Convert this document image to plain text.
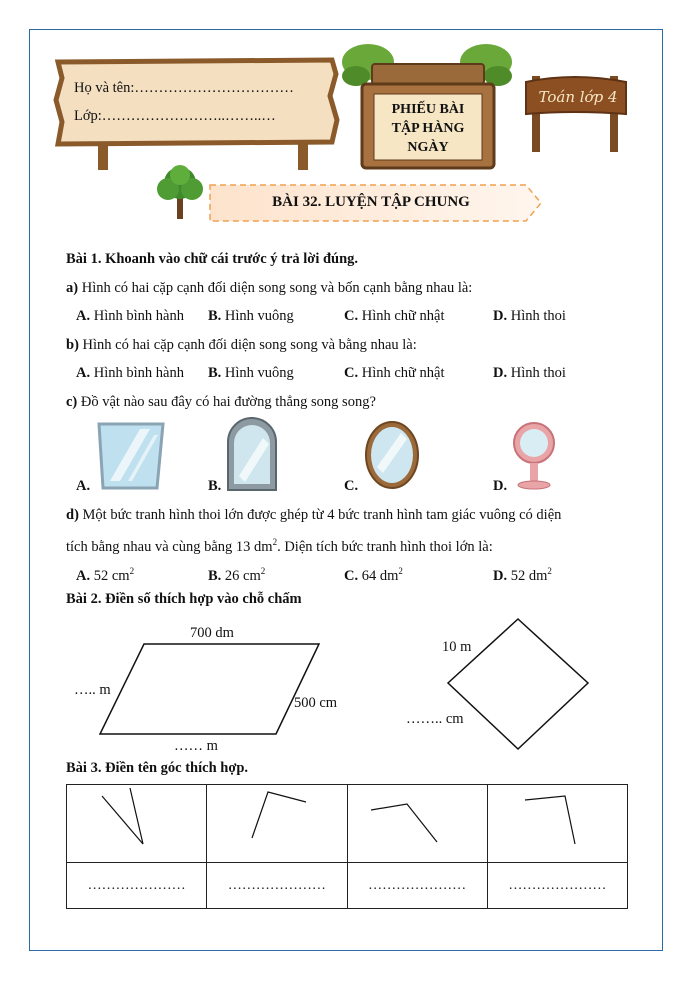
Họ và tên:……………………………
Lớp:……………………..……..…	PHIẾU BÀI
TẬP HÀNG
NGÀY
Toán lớp 4
BÀI 32. LUYỆN TẬP CHUNG
Bài 1. Khoanh vào chữ cái trước ý trả lời đúng.
a) Hình có hai cặp cạnh đối diện song song và bốn cạnh bằng nhau là:
A. Hình bình hành B. Hình vuông	C. Hình chữ nhật	D. Hình thoi
b) Hình có hai cặp cạnh đối diện song song và bằng nhau là:
A. Hình bình hành B. Hình vuông	C. Hình chữ nhật	D. Hình thoi
c) Đồ vật nào sau đây có hai đường thẳng song song?
A.	B.	C.	D.
d) Một bức tranh hình thoi lớn được ghép từ 4 bức tranh hình tam giác vuông có diện
tích bằng nhau và cùng bằng 13 $dm^2$. Diện tích bức tranh hình thoi lớn là:
A. 52 $cm^2$	B. 26 $cm^2$	C. 64 $dm^2$	D. 52 $dm^2$
Bài 2. Điền số thích hợp vào chỗ chấm
700 dm
….. m
500 cm
…… m
10 m
…….. cm
Bài 3. Điền tên góc thích hợp.

…………………	…………………	…………………	…………………
